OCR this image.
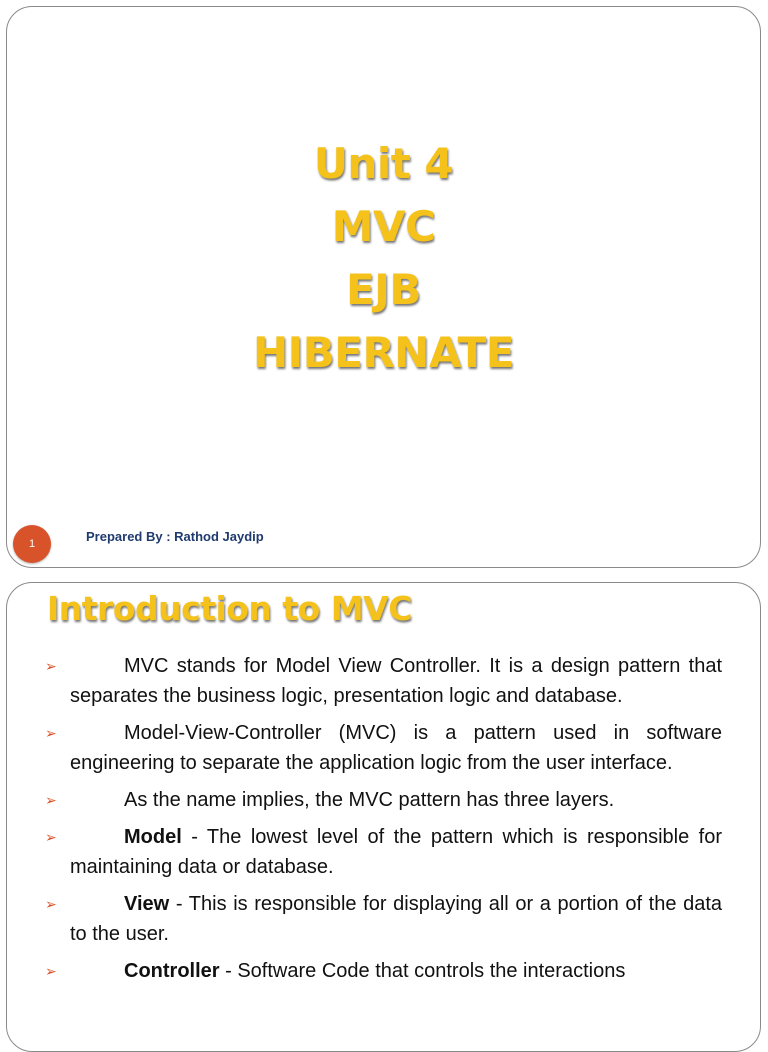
Unit 4
MVC
EJB
HIBERNATE
1	Prepared By : Rathod Jaydip
Introduction to MVC
➢	MVC stands for Model View Controller. It is a design pattern that separates the business logic, presentation logic and database.
➢	Model-View-Controller (MVC) is a pattern used in software engineering to separate the application logic from the user interface.
➢	As the name implies, the MVC pattern has three layers.
➢	Model - The lowest level of the pattern which is responsible for maintaining data or database.
➢	View - This is responsible for displaying all or a portion of the data to the user.
➢	Controller - Software Code that controls the interactions
